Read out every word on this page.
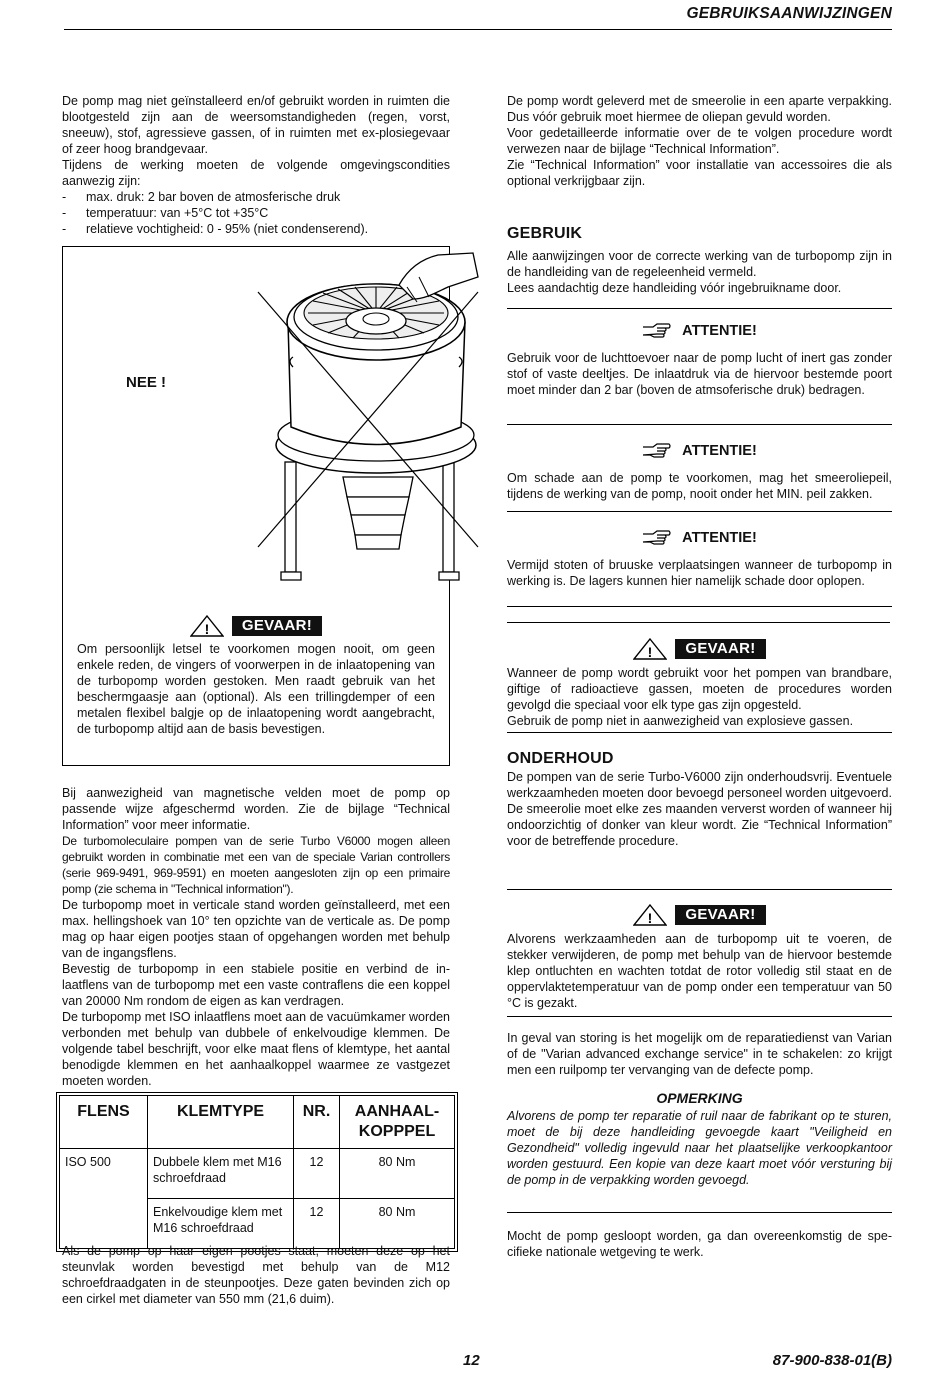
GEBRUIKSAANWIJZINGEN

De pomp mag niet geïnstalleerd en/of gebruikt worden in ruimten die blootgesteld zijn aan de weersomstandigheden (regen, vorst, sneeuw), stof, agressieve gassen, of in ruimten met ex-plosiegevaar of zeer hoog brandgevaar.

Tijdens de werking moeten de volgende omgevingscondities aanwezig zijn:

-	max. druk: 2 bar boven de atmosferische druk
-	temperatuur: van +5°C tot +35°C
-	relatieve vochtigheid: 0 - 95% (niet condenserend).
NEE !
!	GEVAAR!

Om persoonlijk letsel te voorkomen mogen nooit, om geen enkele reden, de vingers of voorwerpen in de inlaatopening van de turbopomp worden gestoken. Men raadt gebruik van het beschermgaasje aan (optional). Als een trillingdemper of een metalen flexibel balgje op de inlaatopening wordt aangebracht, de turbopomp altijd aan de basis bevestigen.

Bij aanwezigheid van magnetische velden moet de pomp op passende wijze afgeschermd worden. Zie de bijlage “Technical Information” voor meer informatie.

De turbomoleculaire pompen van de serie Turbo V6000 mogen alleen gebruikt worden in combinatie met een van de speciale Varian controllers (serie 969-9491, 969-9591) en moeten aangesloten zijn op een primaire pomp (zie schema in "Technical information").

De turbopomp moet in verticale stand worden geïnstalleerd, met een max. hellingshoek van 10° ten opzichte van de verticale as. De pomp mag op haar eigen pootjes staan of opgehangen worden met behulp van de ingangsflens.

Bevestig de turbopomp in een stabiele positie en verbind de in-laatflens van de turbopomp met een vaste contraflens die een koppel van 20000 Nm rondom de eigen as kan verdragen.

De turbopomp met ISO inlaatflens moet aan de vacuümkamer worden verbonden met behulp van dubbele of enkelvoudige klemmen. De volgende tabel beschrijft, voor elke maat flens of klemtype, het aantal benodigde klemmen en het aanhaalkoppel waarmee ze vastgezet moeten worden.

FLENS	KLEMTYPE	NR.	AANHAAL-KOPPPEL
ISO 500	Dubbele klem met M16 schroefdraad	12	80 Nm
	Enkelvoudige klem met M16 schroefdraad	12	80 Nm

Als de pomp op haar eigen pootjes staat, moeten deze op het steunvlak worden bevestigd met behulp van de M12 schroefdraadgaten in de steunpootjes. Deze gaten bevinden zich op een cirkel met diameter van 550 mm (21,6 duim).

De pomp wordt geleverd met de smeerolie in een aparte verpakking. Dus vóór gebruik moet hiermee de oliepan gevuld worden.

Voor gedetailleerde informatie over de te volgen procedure wordt verwezen naar de bijlage “Technical Information”.

Zie “Technical Information” voor installatie van accessoires die als optional verkrijgbaar zijn.

GEBRUIK

Alle aanwijzingen voor de correcte werking van de turbopomp zijn in de handleiding van de regeleenheid vermeld.

Lees aandachtig deze handleiding vóór ingebruikname door.

ATTENTIE!

Gebruik voor de luchttoevoer naar de pomp lucht of inert gas zonder stof of vaste deeltjes. De inlaatdruk via de hiervoor bestemde poort moet minder dan 2 bar (boven de atmsoferische druk) bedragen.

ATTENTIE!

Om schade aan de pomp te voorkomen, mag het smeeroliepeil, tijdens de werking van de pomp, nooit onder het MIN. peil zakken.

ATTENTIE!

Vermijd stoten of bruuske verplaatsingen wanneer de turbopomp in werking is. De lagers kunnen hier namelijk schade door oplopen.

!	GEVAAR!

Wanneer de pomp wordt gebruikt voor het pompen van brandbare, giftige of radioactieve gassen, moeten de procedures worden gevolgd die speciaal voor elk type gas zijn opgesteld.

Gebruik de pomp niet in aanwezigheid van explosieve gassen.

ONDERHOUD

De pompen van de serie Turbo-V6000 zijn onderhoudsvrij. Eventuele werkzaamheden moeten door bevoegd personeel worden uitgevoerd.

De smeerolie moet elke zes maanden ververst worden of wanneer hij ondoorzichtig of donker van kleur wordt. Zie “Technical Information” voor de betreffende procedure.

!	GEVAAR!

Alvorens werkzaamheden aan de turbopomp uit te voeren, de stekker verwijderen, de pomp met behulp van de hiervoor bestemde klep ontluchten en wachten totdat de rotor volledig stil staat en de oppervlaktetemperatuur van de pomp onder een temperatuur van 50 °C is gezakt.

In geval van storing is het mogelijk om de reparatiedienst van Varian of de "Varian advanced exchange service" in te schakelen: zo krijgt men een ruilpomp ter vervanging van de defecte pomp.

OPMERKING

Alvorens de pomp ter reparatie of ruil naar de fabrikant op te sturen, moet de bij deze handleiding gevoegde kaart "Veiligheid en Gezondheid" volledig ingevuld naar het plaatselijke verkoopkantoor worden gestuurd. Een kopie van deze kaart moet vóór versturing bij de pomp in de verpakking worden gevoegd.

Mocht de pomp gesloopt worden, ga dan overeenkomstig de spe-cifieke nationale wetgeving te werk.

12	87-900-838-01(B)
